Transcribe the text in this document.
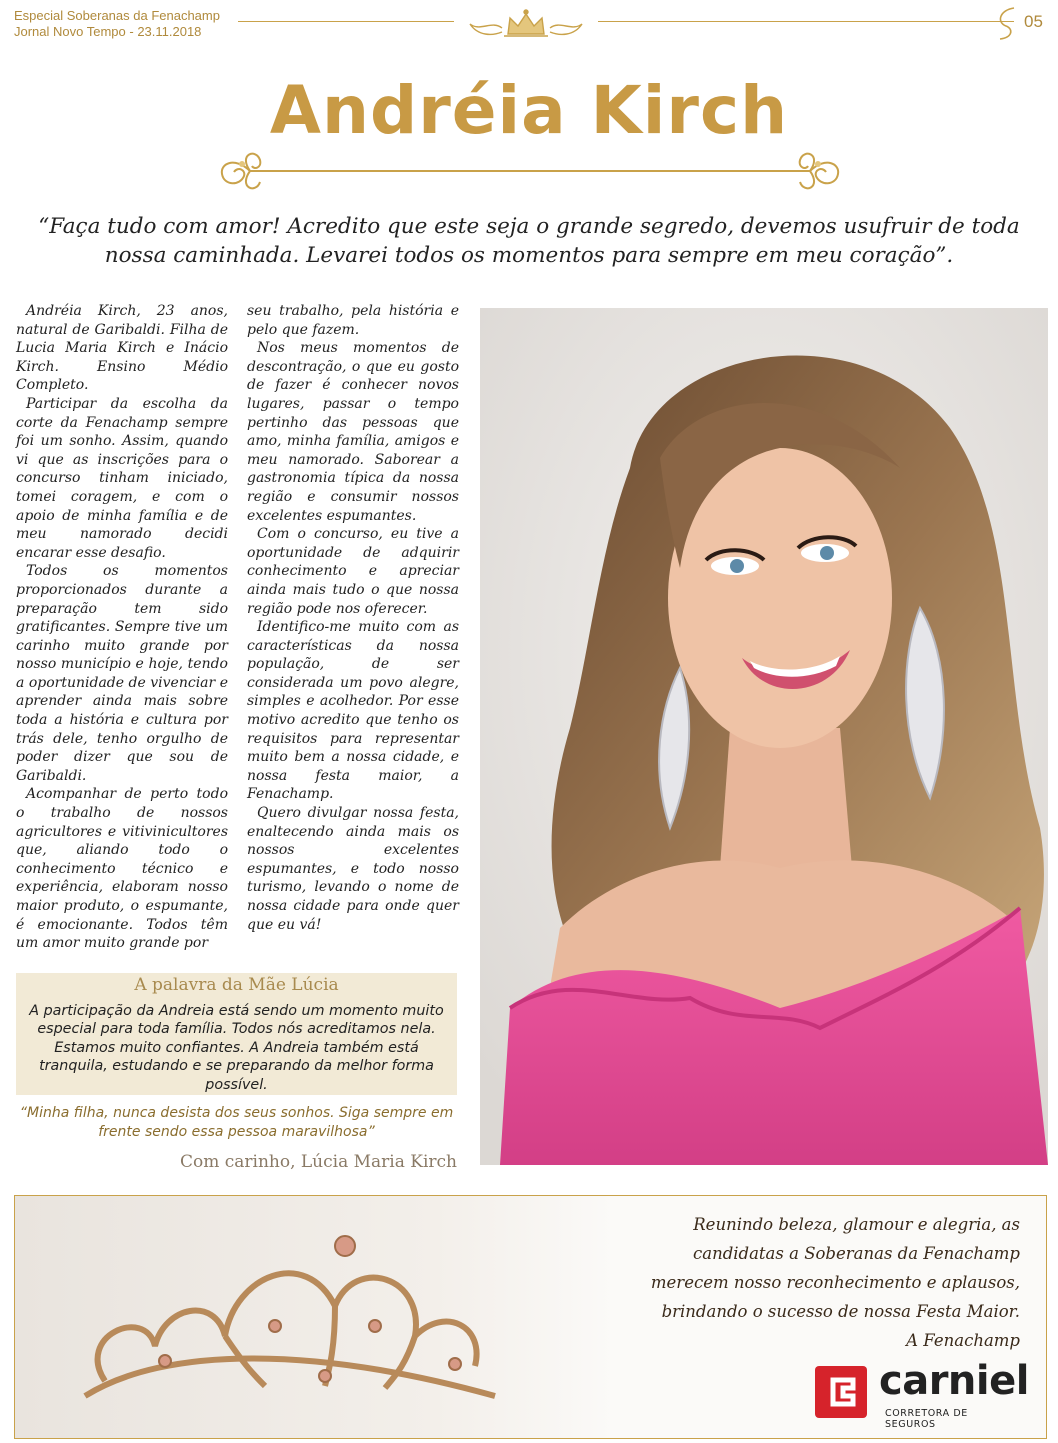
Especial Soberanas da Fenachamp
Jornal Novo Tempo - 23.11.2018
05
Andréia Kirch
“Faça tudo com amor! Acredito que este seja o grande segredo, devemos usufruir de toda nossa caminhada. Levarei todos os momentos para sempre em meu coração”.

Andréia Kirch, 23 anos, natural de Garibaldi. Filha de Lucia Maria Kirch e Inácio Kirch. Ensino Médio Completo.

Participar da escolha da corte da Fenachamp sempre foi um sonho. Assim, quando vi que as inscrições para o concurso tinham iniciado, tomei coragem, e com o apoio de minha família e de meu namorado decidi encarar esse desafio.

Todos os momentos proporcionados durante a preparação tem sido gratificantes. Sempre tive um carinho muito grande por nosso município e hoje, tendo a oportunidade de vivenciar e aprender ainda mais sobre toda a história e cultura por trás dele, tenho orgulho de poder dizer que sou de Garibaldi.

Acompanhar de perto todo o trabalho de nossos agricultores e vitivinicultores que, aliando todo o conhecimento técnico e experiência, elaboram nosso maior produto, o espumante, é emocionante. Todos têm um amor muito grande por

seu trabalho, pela história e pelo que fazem.

Nos meus momentos de descontração, o que eu gosto de fazer é conhecer novos lugares, passar o tempo pertinho das pessoas que amo, minha família, amigos e meu namorado. Saborear a gastronomia típica da nossa região e consumir nossos excelentes espumantes.

Com o concurso, eu tive a oportunidade de adquirir conhecimento e apreciar ainda mais tudo o que nossa região pode nos oferecer.

Identifico-me muito com as características da nossa população, de ser considerada um povo alegre, simples e acolhedor. Por esse motivo acredito que tenho os requisitos para representar muito bem a nossa cidade, e nossa festa maior, a Fenachamp.

Quero divulgar nossa festa, enaltecendo ainda mais os nossos excelentes espumantes, e todo nosso turismo, levando o nome de nossa cidade para onde quer que eu vá!

A palavra da Mãe Lúcia
A participação da Andreia está sendo um momento muito especial para toda família. Todos nós acreditamos nela. Estamos muito confiantes. A Andreia também está tranquila, estudando e se preparando da melhor forma possível.
“Minha filha, nunca desista dos seus sonhos. Siga sempre em frente sendo essa pessoa maravilhosa”
Com carinho, Lúcia Maria Kirch
Reunindo beleza, glamour e alegria, as
candidatas a Soberanas da Fenachamp
merecem nosso reconhecimento e aplausos,
brindando o sucesso de nossa Festa Maior.
A Fenachamp
carniel
CORRETORA DE SEGUROS
